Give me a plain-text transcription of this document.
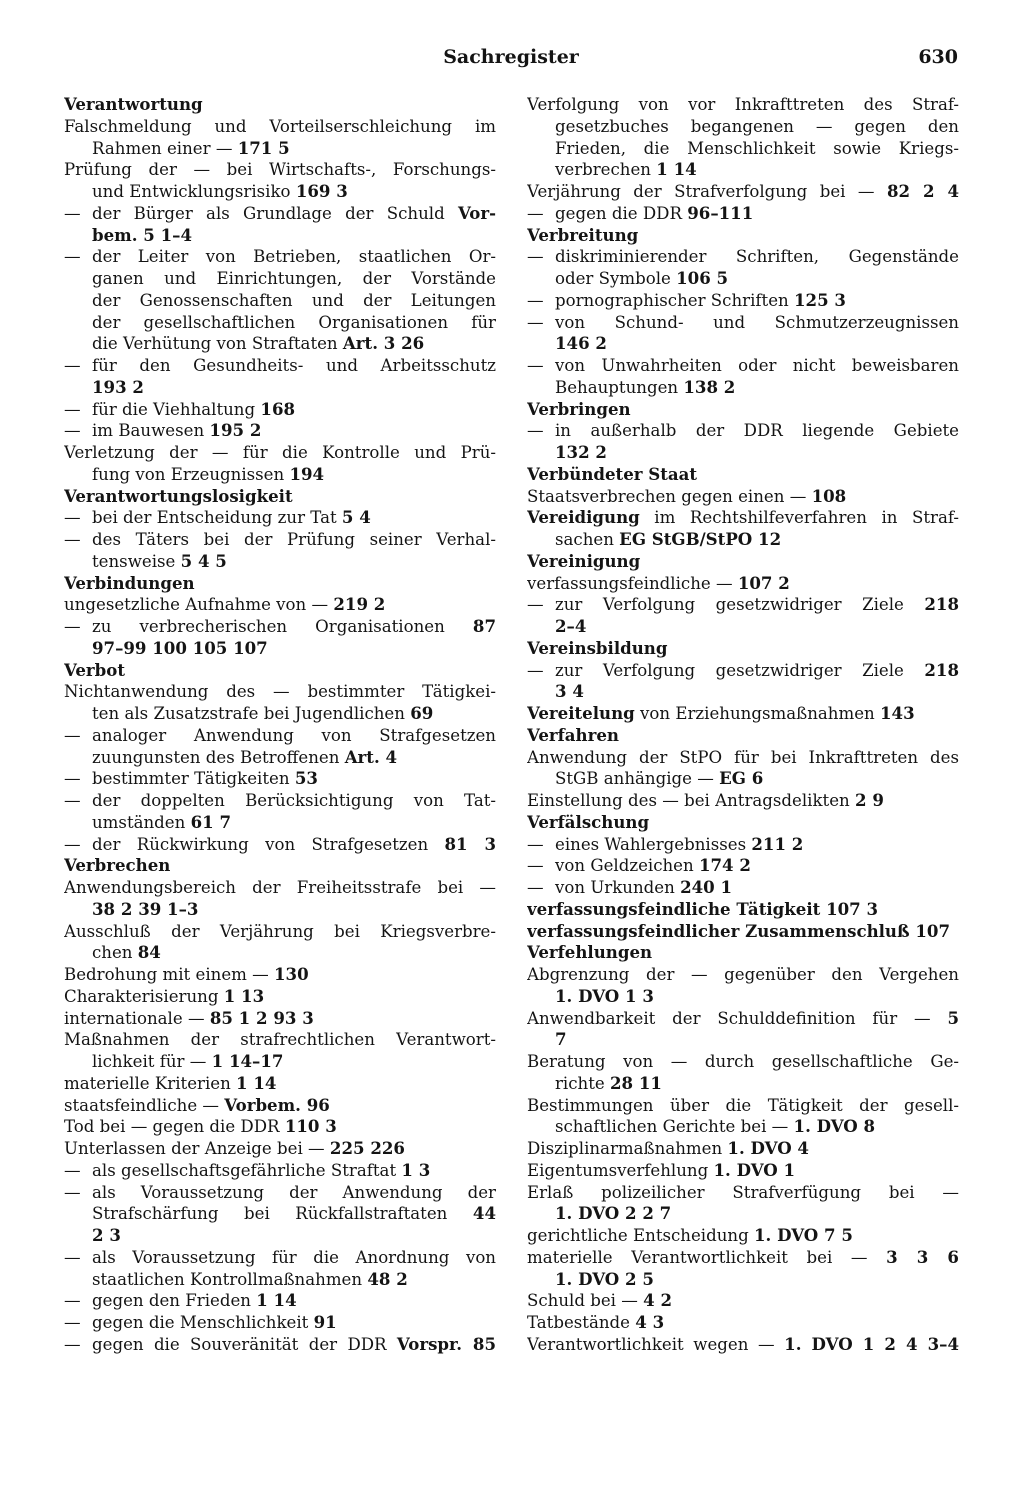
Sachregister	630
Verantwortung
Falschmeldung und Vorteilserschleichung im
Rahmen einer — 171 5
Prüfung der — bei Wirtschafts-, Forschungs-
und Entwicklungsrisiko 169 3
— der Bürger als Grundlage der Schuld Vor-
bem. 5 1–4
— der Leiter von Betrieben, staatlichen Or-
ganen und Einrichtungen, der Vorstände
der Genossenschaften und der Leitungen
der gesellschaftlichen Organisationen für
die Verhütung von Straftaten Art. 3 26
— für den Gesundheits- und Arbeitsschutz
193 2
— für die Viehhaltung 168
— im Bauwesen 195 2
Verletzung der — für die Kontrolle und Prü-
fung von Erzeugnissen 194
Verantwortungslosigkeit
— bei der Entscheidung zur Tat 5 4
— des Täters bei der Prüfung seiner Verhal-
tensweise 5 4 5
Verbindungen
ungesetzliche Aufnahme von — 219 2
— zu verbrecherischen Organisationen 87
97–99 100 105 107
Verbot
Nichtanwendung des — bestimmter Tätigkei-
ten als Zusatzstrafe bei Jugendlichen 69
— analoger Anwendung von Strafgesetzen
zuungunsten des Betroffenen Art. 4
— bestimmter Tätigkeiten 53
— der doppelten Berücksichtigung von Tat-
umständen 61 7
— der Rückwirkung von Strafgesetzen 81 3
Verbrechen
Anwendungsbereich der Freiheitsstrafe bei —
38 2 39 1–3
Ausschluß der Verjährung bei Kriegsverbre-
chen 84
Bedrohung mit einem — 130
Charakterisierung 1 13
internationale — 85 1 2 93 3
Maßnahmen der strafrechtlichen Verantwort-
lichkeit für — 1 14–17
materielle Kriterien 1 14
staatsfeindliche — Vorbem. 96
Tod bei — gegen die DDR 110 3
Unterlassen der Anzeige bei — 225 226
— als gesellschaftsgefährliche Straftat 1 3
— als Voraussetzung der Anwendung der
Strafschärfung bei Rückfallstraftaten 44
2 3
— als Voraussetzung für die Anordnung von
staatlichen Kontrollmaßnahmen 48 2
— gegen den Frieden 1 14
— gegen die Menschlichkeit 91
— gegen die Souveränität der DDR Vorspr. 85
Verfolgung von vor Inkrafttreten des Straf-
gesetzbuches begangenen — gegen den
Frieden, die Menschlichkeit sowie Kriegs-
verbrechen 1 14
Verjährung der Strafverfolgung bei — 82 2 4
— gegen die DDR 96–111
Verbreitung
— diskriminierender Schriften, Gegenstände
oder Symbole 106 5
— pornographischer Schriften 125 3
— von Schund- und Schmutzerzeugnissen
146 2
— von Unwahrheiten oder nicht beweisbaren
Behauptungen 138 2
Verbringen
— in außerhalb der DDR liegende Gebiete
132 2
Verbündeter Staat
Staatsverbrechen gegen einen — 108
Vereidigung im Rechtshilfeverfahren in Straf-
sachen EG StGB/StPO 12
Vereinigung
verfassungsfeindliche — 107 2
— zur Verfolgung gesetzwidriger Ziele 218
2–4
Vereinsbildung
— zur Verfolgung gesetzwidriger Ziele 218
3 4
Vereitelung von Erziehungsmaßnahmen 143
Verfahren
Anwendung der StPO für bei Inkrafttreten des
StGB anhängige — EG 6
Einstellung des — bei Antragsdelikten 2 9
Verfälschung
— eines Wahlergebnisses 211 2
— von Geldzeichen 174 2
— von Urkunden 240 1
verfassungsfeindliche Tätigkeit 107 3
verfassungsfeindlicher Zusammenschluß 107
Verfehlungen
Abgrenzung der — gegenüber den Vergehen
1. DVO 1 3
Anwendbarkeit der Schulddefinition für — 5
7
Beratung von — durch gesellschaftliche Ge-
richte 28 11
Bestimmungen über die Tätigkeit der gesell-
schaftlichen Gerichte bei — 1. DVO 8
Disziplinarmaßnahmen 1. DVO 4
Eigentumsverfehlung 1. DVO 1
Erlaß polizeilicher Strafverfügung bei —
1. DVO 2 2 7
gerichtliche Entscheidung 1. DVO 7 5
materielle Verantwortlichkeit bei — 3 3 6
1. DVO 2 5
Schuld bei — 4 2
Tatbestände 4 3
Verantwortlichkeit wegen — 1. DVO 1 2 4 3–4
